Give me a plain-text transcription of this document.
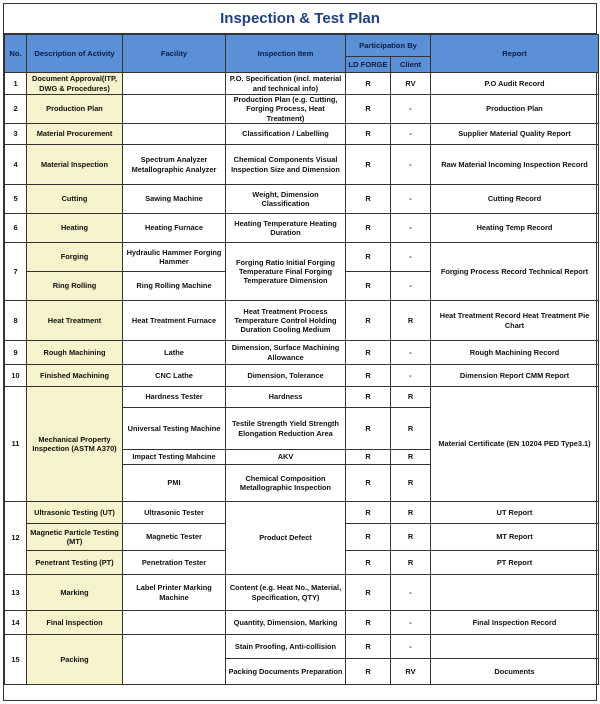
Inspection & Test Plan
No.	Description of Activity	Facility	Inspection Item	Participation By		Report
				LD FORGE	Client	
1	Document Approval(ITP, DWG & Procedures)		P.O. Specification (incl. material and technical info)	R	RV	P.O Audit Record
2	Production Plan		Production Plan (e.g. Cutting, Forging Process, Heat Treatment)	R	-	Production Plan
3	Material Procurement		Classification / Labelling	R	-	Supplier Material Quality Report
4	Material Inspection	Spectrum Analyzer Metallographic Analyzer	Chemical Components Visual Inspection Size and Dimension	R	-	Raw Material Incoming Inspection Record
5	Cutting	Sawing Machine	Weight, Dimension Classification	R	-	Cutting Record
6	Heating	Heating Furnace	Heating Temperature Heating Duration	R	-	Heating Temp Record
7	Forging	Hydraulic Hammer Forging Hammer	Forging Ratio Initial Forging Temperature Final Forging Temperature Dimension	R	-	Forging Process Record Technical Report
	Ring Rolling	Ring Rolling Machine		R	-	
8	Heat Treatment	Heat Treatment Furnace	Heat Treatment Process Temperature Control Holding Duration Cooling Medium	R	R	Heat Treatment Record Heat Treatment Pie Chart
9	Rough Machining	Lathe	Dimension, Surface Machining Allowance	R	-	Rough Machining Record
10	Finished Machining	CNC Lathe	Dimension, Tolerance	R	-	Dimension Report CMM Report
11	Mechanical Property Inspection (ASTM A370)	Hardness Tester	Hardness	R	R	Material Certificate (EN 10204 PED Type3.1)
		Universal Testing Machine	Testile Strength Yield Strength Elongation Reduction Area	R	R	
		Impact Testing Mahcine	AKV	R	R	
		PMI	Chemical Composition Metallographic Inspection	R	R	
12	Ultrasonic Testing (UT)	Ultrasonic Tester	Product Defect	R	R	UT Report
	Magnetic Particle Testing (MT)	Magnetic Tester		R	R	MT Report
	Penetrant Testing (PT)	Penetration Tester		R	R	PT Report
13	Marking	Label Printer Marking Machine	Content (e.g. Heat No., Material, Specification, QTY)	R	-	
14	Final Inspection		Quantity, Dimension, Marking	R	-	Final Inspection Record
15	Packing		Stain Proofing, Anti-collision	R	-	
			Packing Documents Preparation	R	RV	Documents
